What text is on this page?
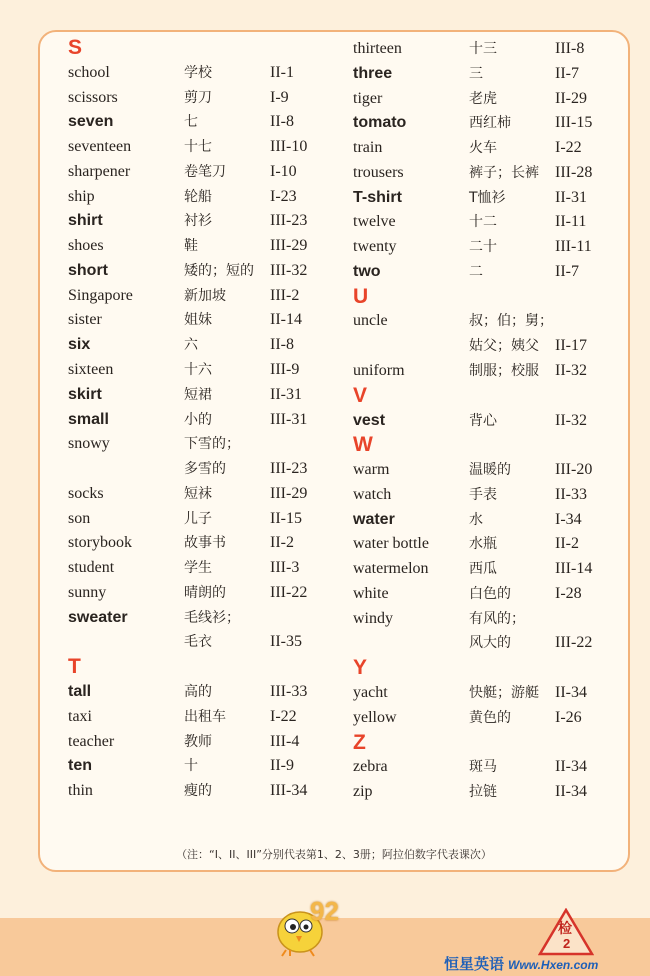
S
school	学校	II-1
scissors	剪刀	I-9
seven	七	II-8
seventeen	十七	III-10
sharpener	卷笔刀	I-10
ship	轮船	I-23
shirt	衬衫	III-23
shoes	鞋	III-29
short	矮的；短的 III-32
Singapore	新加坡	III-2
sister	姐妹	II-14
six	六	II-8
sixteen	十六	III-9
skirt	短裙	II-31
small	小的	III-31
snowy	下雪的；
多雪的	III-23
socks	短袜	III-29
son	儿子	II-15
storybook	故事书	II-2
student	学生	III-3
sunny	晴朗的	III-22
sweater	毛线衫；
毛衣	II-35
T
tall	高的	III-33
taxi	出租车	I-22
teacher	教师	III-4
ten	十	II-9
thin	瘦的	III-34
thirteen	十三	III-8
three	三	II-7
tiger	老虎	II-29
tomato	西红柿	III-15
train	火车	I-22
trousers	裤子；长裤 III-28
T-shirt	T恤衫	II-31
twelve	十二	II-11
twenty	二十	III-11
two	二	II-7
U
uncle	叔；伯；舅；
姑父；姨父 II-17
uniform	制服；校服 II-32
V
vest	背心	II-32
W
warm	温暖的	III-20
watch	手表	II-33
water	水	I-34
water bottle	水瓶	II-2
watermelon	西瓜	III-14
white	白色的	I-28
windy	有风的；
风大的	III-22
Y
yacht	快艇；游艇 II-34
yellow	黄色的	I-26
Z
zebra	斑马	II-34
zip	拉链	II-34
（注：“I、II、III”分别代表第1、2、3册；阿拉伯数字代表课次）
92
检
2
恒星英语 Www.Hxen.com
